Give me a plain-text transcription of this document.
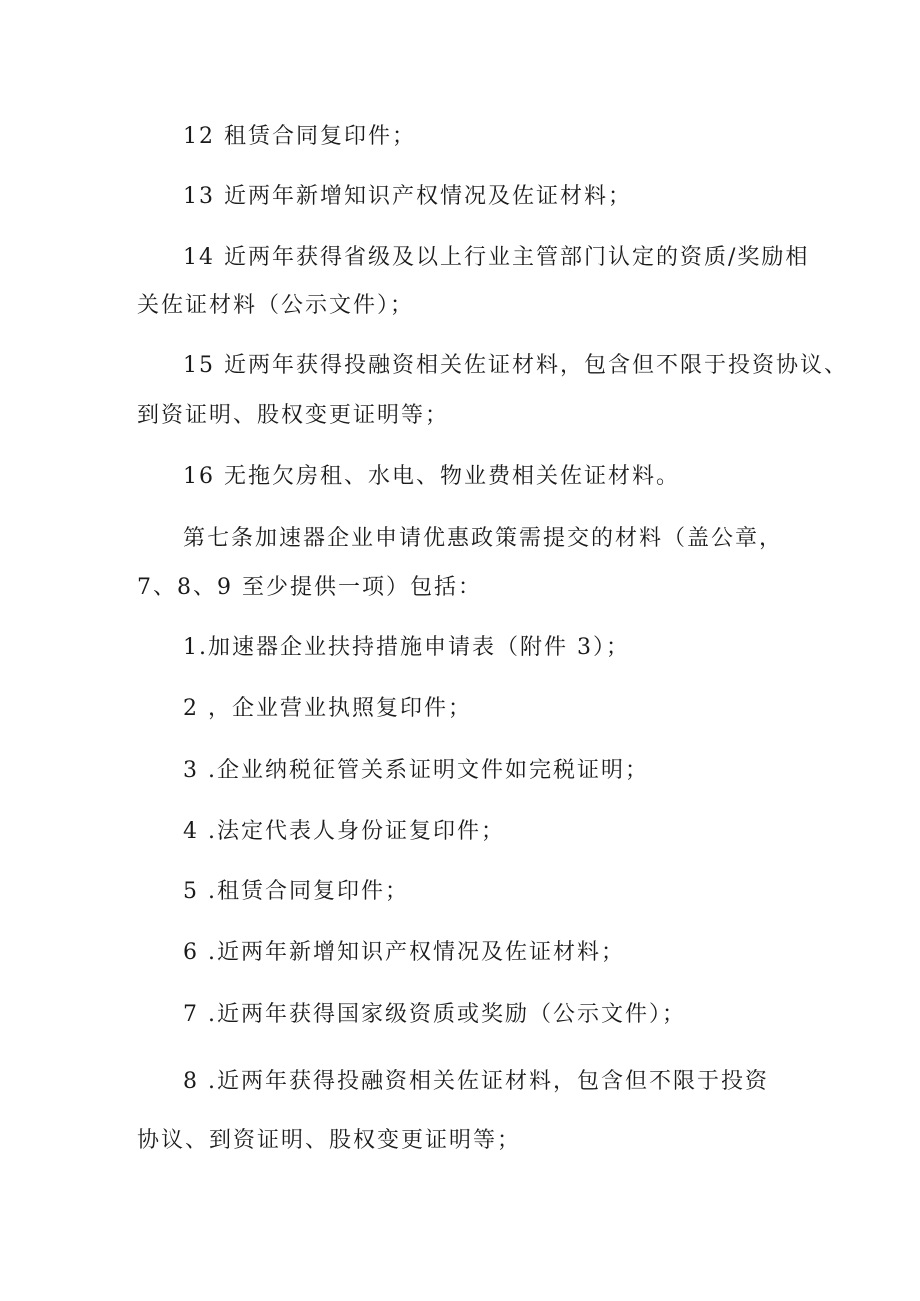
12 租赁合同复印件；
13 近两年新增知识产权情况及佐证材料；
14 近两年获得省级及以上行业主管部门认定的资质/奖励相
关佐证材料（公示文件）；
15 近两年获得投融资相关佐证材料，包含但不限于投资协议、
到资证明、股权变更证明等；
16 无拖欠房租、水电、物业费相关佐证材料。
第七条加速器企业申请优惠政策需提交的材料（盖公章，
7、8、9 至少提供一项）包括：
1.加速器企业扶持措施申请表（附件 3）；
2 ，企业营业执照复印件；
3 .企业纳税征管关系证明文件如完税证明；
4 .法定代表人身份证复印件；
5 .租赁合同复印件；
6 .近两年新增知识产权情况及佐证材料；
7 .近两年获得国家级资质或奖励（公示文件）；
8 .近两年获得投融资相关佐证材料，包含但不限于投资
协议、到资证明、股权变更证明等；
